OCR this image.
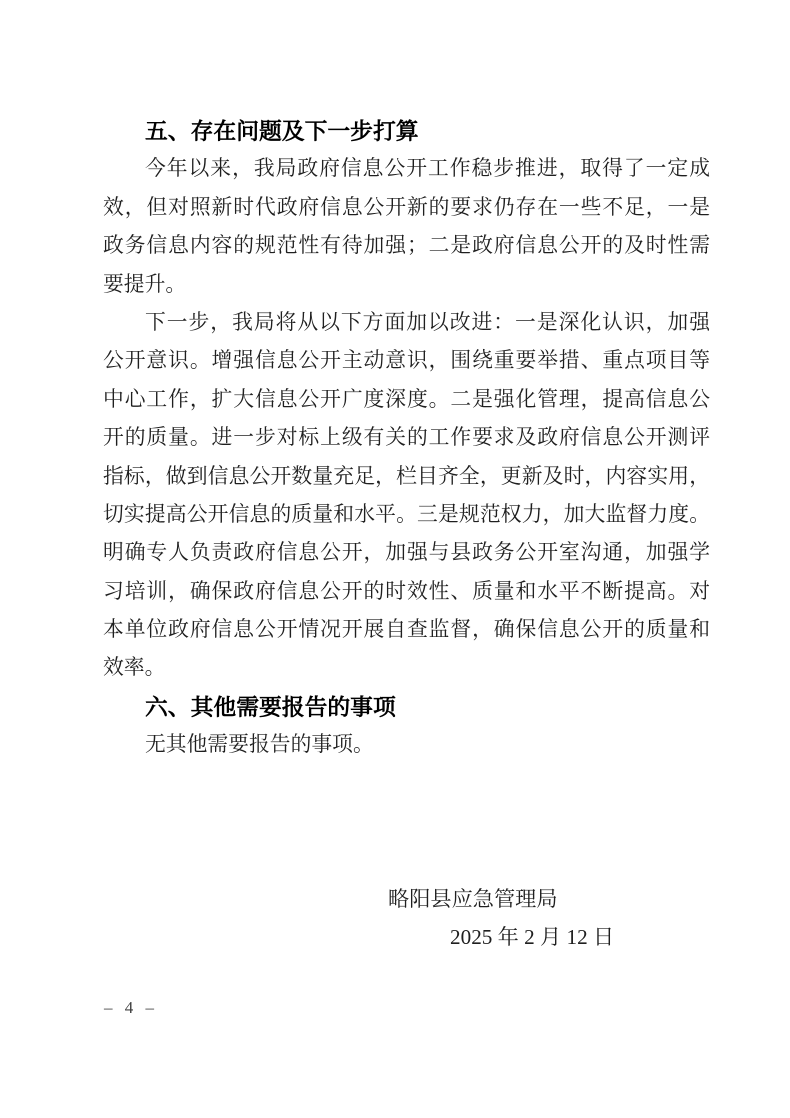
五、存在问题及下一步打算
今年以来，我局政府信息公开工作稳步推进，取得了一定成
效，但对照新时代政府信息公开新的要求仍存在一些不足，一是
政务信息内容的规范性有待加强；二是政府信息公开的及时性需
要提升。
下一步，我局将从以下方面加以改进：一是深化认识，加强
公开意识。增强信息公开主动意识，围绕重要举措、重点项目等
中心工作，扩大信息公开广度深度。二是强化管理，提高信息公
开的质量。进一步对标上级有关的工作要求及政府信息公开测评
指标，做到信息公开数量充足，栏目齐全，更新及时，内容实用，
切实提高公开信息的质量和水平。三是规范权力，加大监督力度。
明确专人负责政府信息公开，加强与县政务公开室沟通，加强学
习培训，确保政府信息公开的时效性、质量和水平不断提高。对
本单位政府信息公开情况开展自查监督，确保信息公开的质量和
效率。
六、其他需要报告的事项
无其他需要报告的事项。
略阳县应急管理局
2025 年 2 月 12 日
– 4 –
